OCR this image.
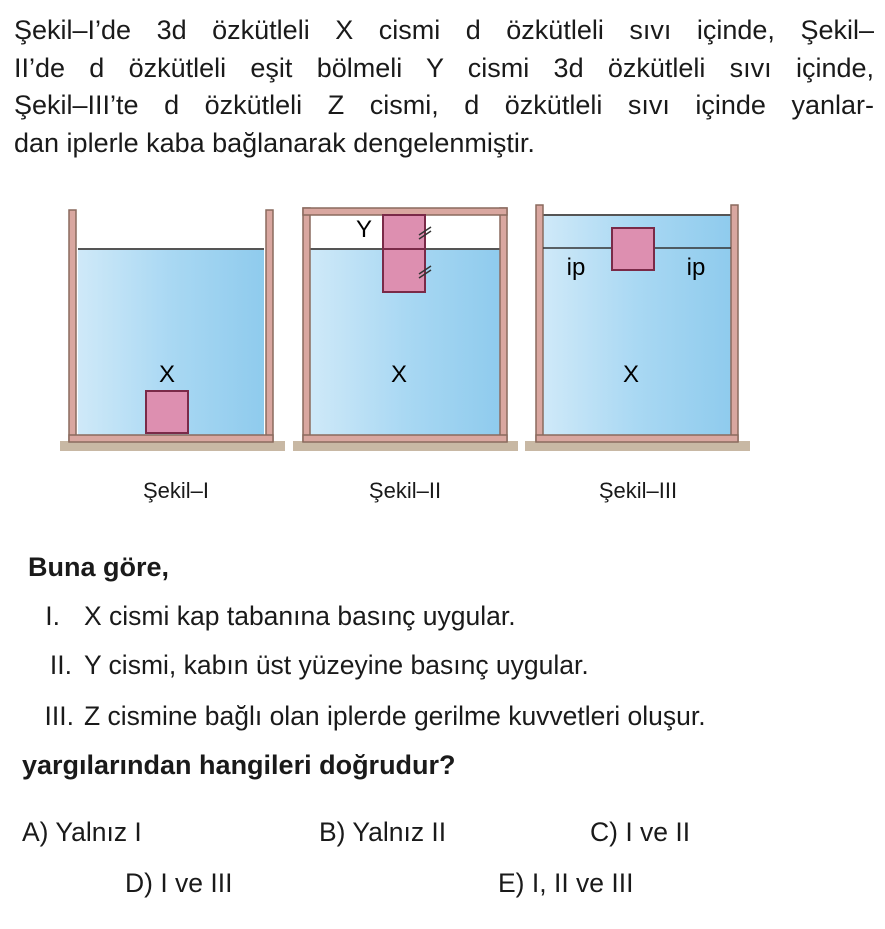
Şekil–I’de 3d özkütleli X cismi d özkütleli sıvı içinde, Şekil–
II’de d özkütleli eşit bölmeli Y cismi 3d özkütleli sıvı içinde,
Şekil–III’te d özkütleli Z cismi, d özkütleli sıvı içinde yanlar-
dan iplerle kaba bağlanarak dengelenmiştir.

X
Y
X
ip	ip
X
Şekil–I	Şekil–II	Şekil–III

Buna göre,

I. X cismi kap tabanına basınç uygular.
II. Y cismi, kabın üst yüzeyine basınç uygular.
III. Z cismine bağlı olan iplerde gerilme kuvvetleri oluşur.

yargılarından hangileri doğrudur?

A) Yalnız I	B) Yalnız II	C) I ve II
D) I ve III	E) I, II ve III
